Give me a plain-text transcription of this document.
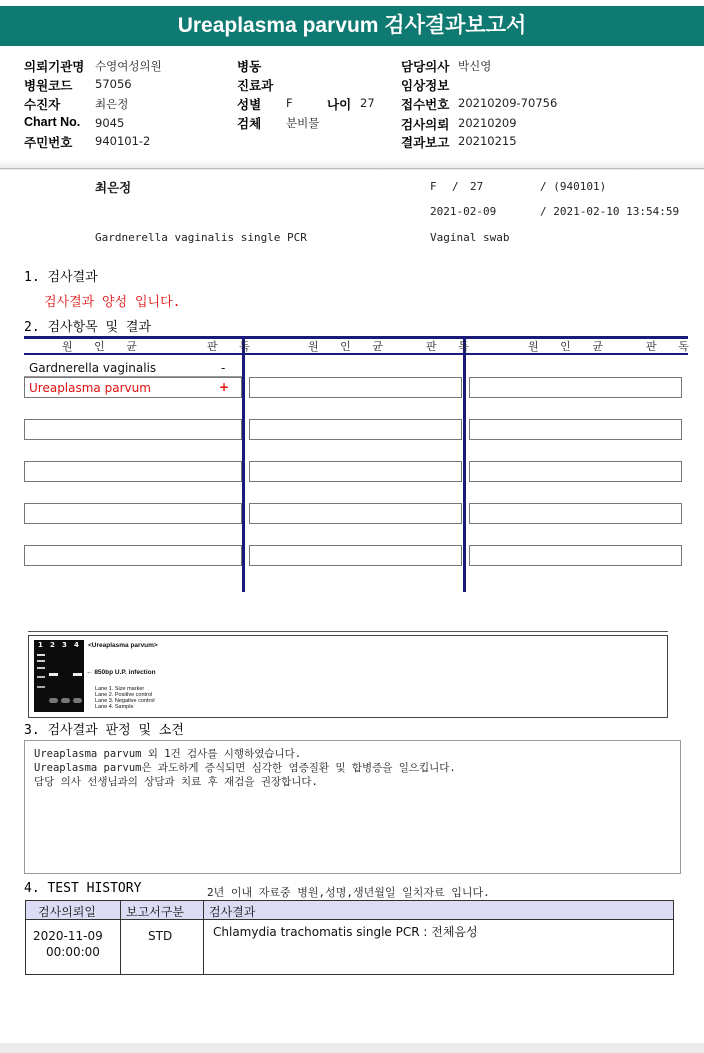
Ureaplasma parvum 검사결과보고서
의뢰기관명 수영여성의원
병원코드 57056
수진자	최은정
Chart No. 9045
주민번호 940101-2
병동
진료과
성별 F	나이 27
검체 분비물
담당의사 박신영
임상정보
접수번호 20210209-70756
검사의뢰 20210209
결과보고 20210215
최은정	F / 27	/ (940101)
2021-02-09	/ 2021-02-10 13:54:59
Gardnerella vaginalis single PCR	Vaginal swab
1. 검사결과
검사결과 양성 입니다.
2. 검사항목 및 결과
원 인 균	판 독	원 인 균	판 독	원 인 균	판 독
Gardnerella vaginalis	-
Ureaplasma parvum	+
1 2 3 4 <Ureaplasma parvum>
← 850bp U.P. infection
Lane 1. Size marker
Lane 2. Positive control
Lane 3. Negative control
Lane 4. Sample
3. 검사결과 판정 및 소견
Ureaplasma parvum 외 1건 검사를 시행하였습니다.
Ureaplasma parvum은 과도하게 증식되면 심각한 염증질환 및 합병증을 일으킵니다.
담당 의사 선생님과의 상담과 치료 후 재검을 권장합니다.
4. TEST HISTORY	2년 이내 자료중 병원,성명,생년월일 일치자료 입니다.
검사의뢰일	보고서구분 검사결과
2020-11-09
00:00:00
STD	Chlamydia trachomatis single PCR : 전체음성
